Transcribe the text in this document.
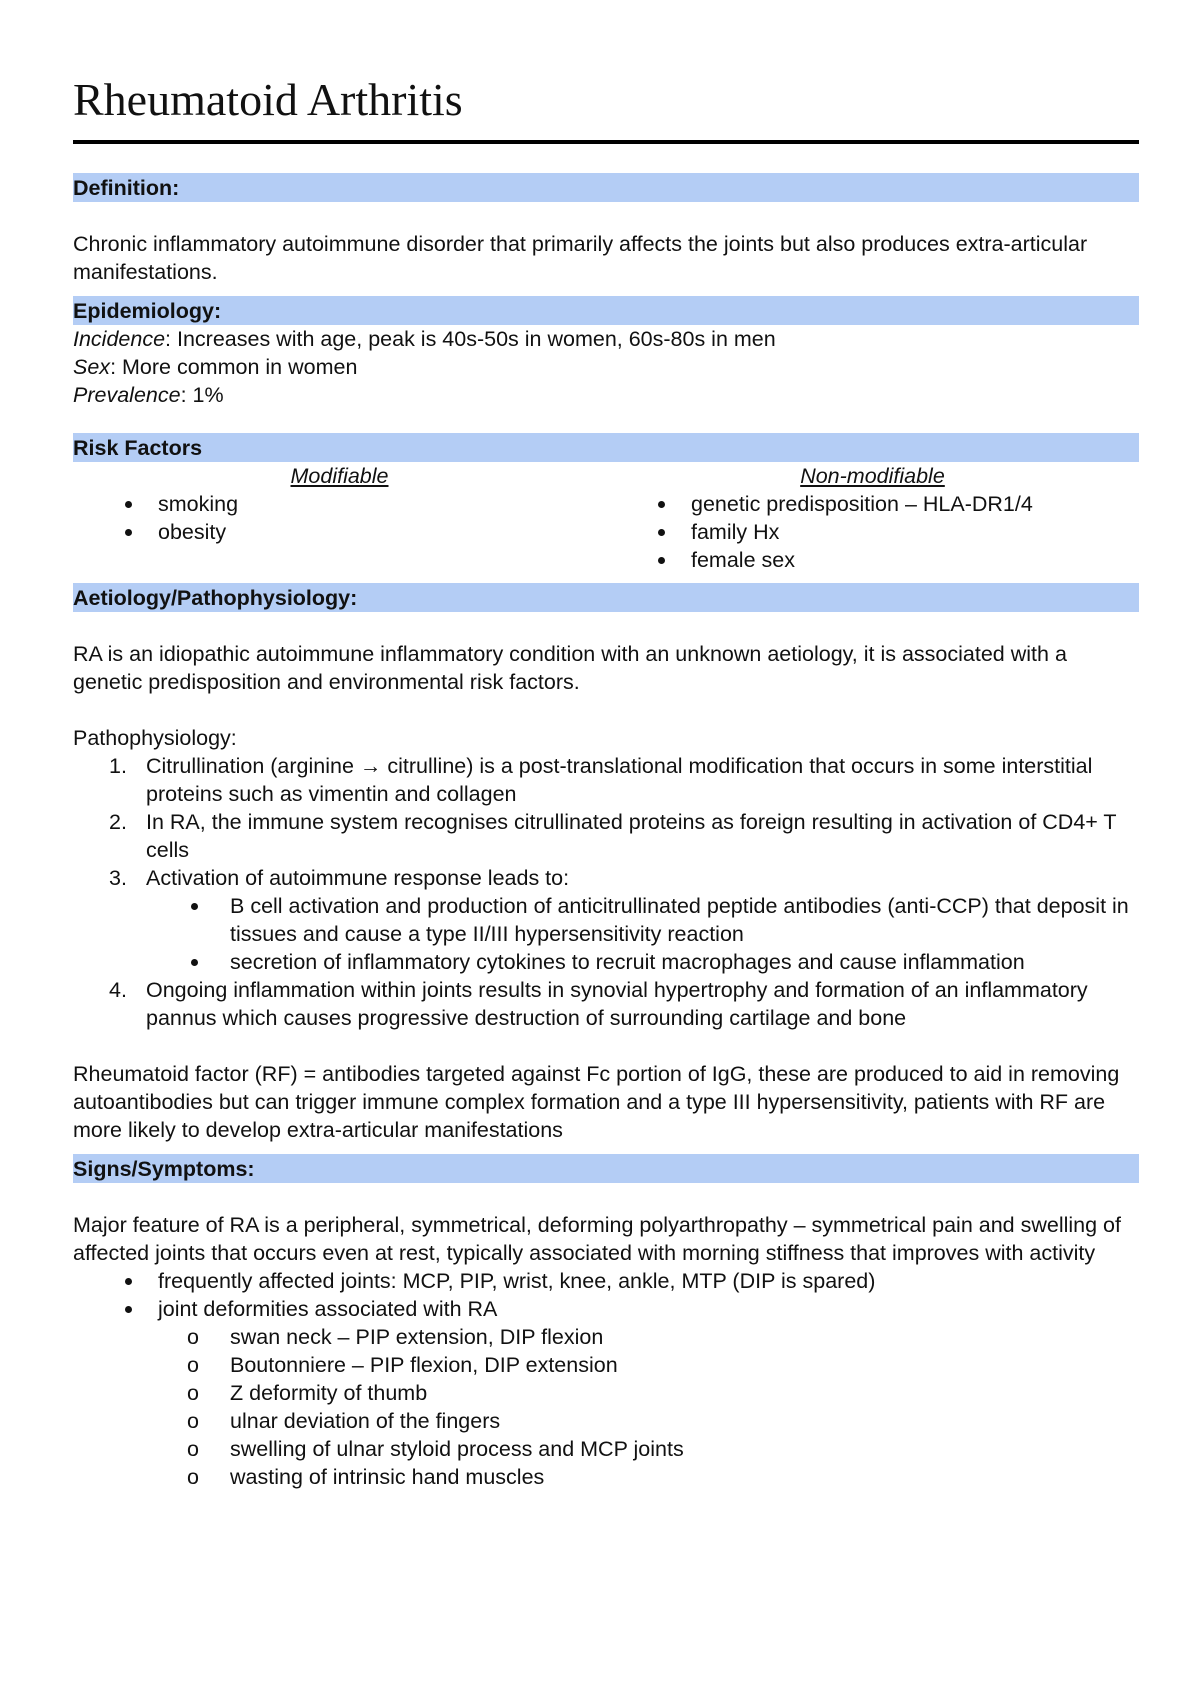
Rheumatoid Arthritis
Definition:

Chronic inflammatory autoimmune disorder that primarily affects the joints but also produces extra-articular manifestations.

Epidemiology:

Incidence: Increases with age, peak is 40s-50s in women, 60s-80s in men

Sex: More common in women

Prevalence: 1%

Risk Factors
Modifiable
smoking
obesity
Non-modifiable
genetic predisposition – HLA-DR1/4
family Hx
female sex
Aetiology/Pathophysiology:

RA is an idiopathic autoimmune inflammatory condition with an unknown aetiology, it is associated with a genetic predisposition and environmental risk factors.

Pathophysiology:

1. Citrullination (arginine → citrulline) is a post-translational modification that occurs in some interstitial proteins such as vimentin and collagen
2. In RA, the immune system recognises citrullinated proteins as foreign resulting in activation of CD4+ T cells
3. Activation of autoimmune response leads to:
B cell activation and production of anticitrullinated peptide antibodies (anti-CCP) that deposit in tissues and cause a type II/III hypersensitivity reaction
secretion of inflammatory cytokines to recruit macrophages and cause inflammation
4. Ongoing inflammation within joints results in synovial hypertrophy and formation of an inflammatory pannus which causes progressive destruction of surrounding cartilage and bone

Rheumatoid factor (RF) = antibodies targeted against Fc portion of IgG, these are produced to aid in removing autoantibodies but can trigger immune complex formation and a type III hypersensitivity, patients with RF are more likely to develop extra-articular manifestations

Signs/Symptoms:

Major feature of RA is a peripheral, symmetrical, deforming polyarthropathy – symmetrical pain and swelling of affected joints that occurs even at rest, typically associated with morning stiffness that improves with activity

frequently affected joints: MCP, PIP, wrist, knee, ankle, MTP (DIP is spared)
joint deformities associated with RA
o swan neck – PIP extension, DIP flexion
o Boutonniere – PIP flexion, DIP extension
o Z deformity of thumb
o ulnar deviation of the fingers
o swelling of ulnar styloid process and MCP joints
o wasting of intrinsic hand muscles
